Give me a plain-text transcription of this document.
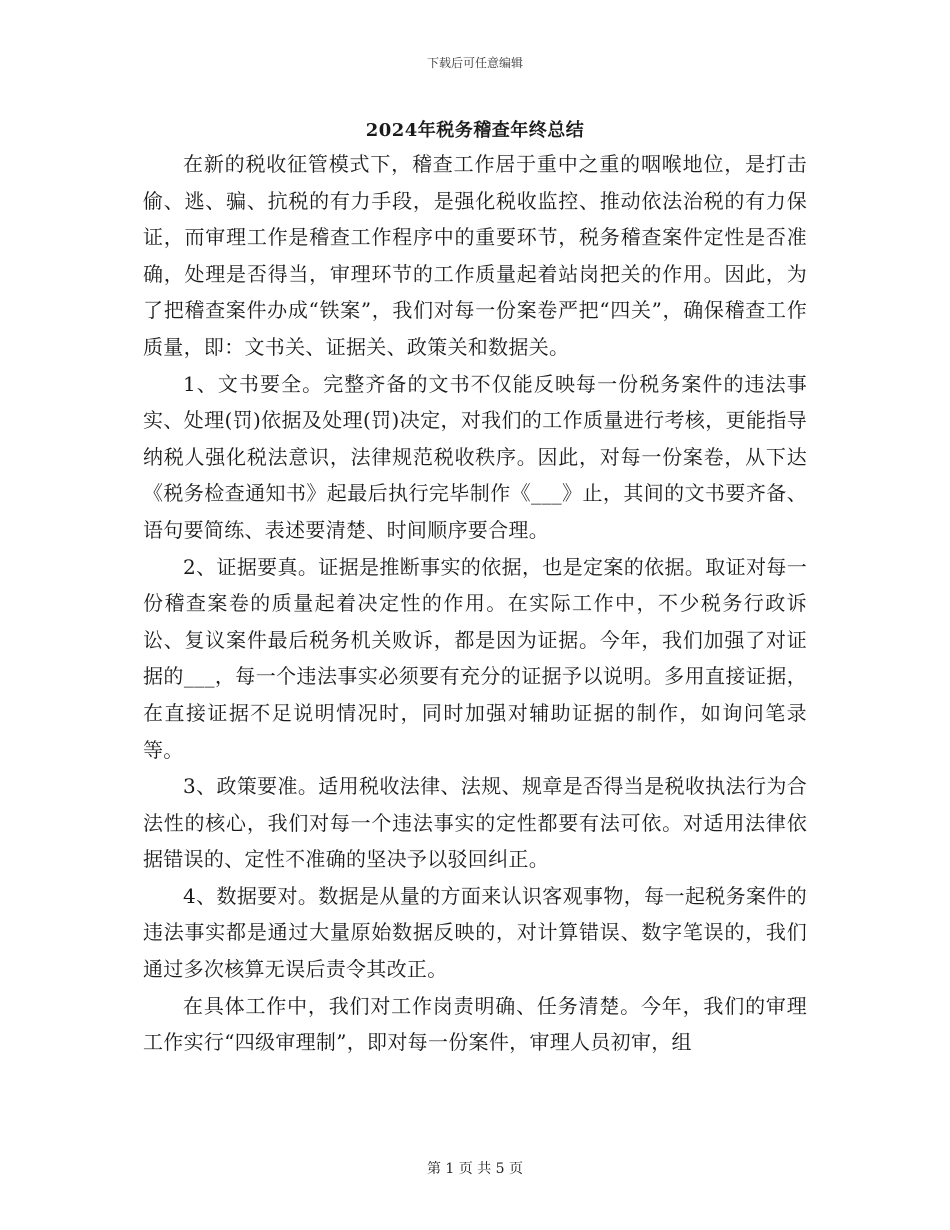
下载后可任意编辑
2024年税务稽查年终总结

在新的税收征管模式下，稽查工作居于重中之重的咽喉地位，是打击偷、逃、骗、抗税的有力手段，是强化税收监控、推动依法治税的有力保证，而审理工作是稽查工作程序中的重要环节，税务稽查案件定性是否准确，处理是否得当，审理环节的工作质量起着站岗把关的作用。因此，为了把稽查案件办成“铁案”，我们对每一份案卷严把“四关”，确保稽查工作质量，即：文书关、证据关、政策关和数据关。

1、文书要全。完整齐备的文书不仅能反映每一份税务案件的违法事实、处理(罚)依据及处理(罚)决定，对我们的工作质量进行考核，更能指导纳税人强化税法意识，法律规范税收秩序。因此，对每一份案卷，从下达《税务检查通知书》起最后执行完毕制作《___》止，其间的文书要齐备、语句要简练、表述要清楚、时间顺序要合理。

2、证据要真。证据是推断事实的依据，也是定案的依据。取证对每一份稽查案卷的质量起着决定性的作用。在实际工作中，不少税务行政诉讼、复议案件最后税务机关败诉，都是因为证据。今年，我们加强了对证据的___，每一个违法事实必须要有充分的证据予以说明。多用直接证据，在直接证据不足说明情况时，同时加强对辅助证据的制作，如询问笔录等。

3、政策要准。适用税收法律、法规、规章是否得当是税收执法行为合法性的核心，我们对每一个违法事实的定性都要有法可依。对适用法律依据错误的、定性不准确的坚决予以驳回纠正。

4、数据要对。数据是从量的方面来认识客观事物，每一起税务案件的违法事实都是通过大量原始数据反映的，对计算错误、数字笔误的，我们通过多次核算无误后责令其改正。

在具体工作中，我们对工作岗责明确、任务清楚。今年，我们的审理工作实行“四级审理制”，即对每一份案件，审理人员初审，组

第 1 页 共 5 页
